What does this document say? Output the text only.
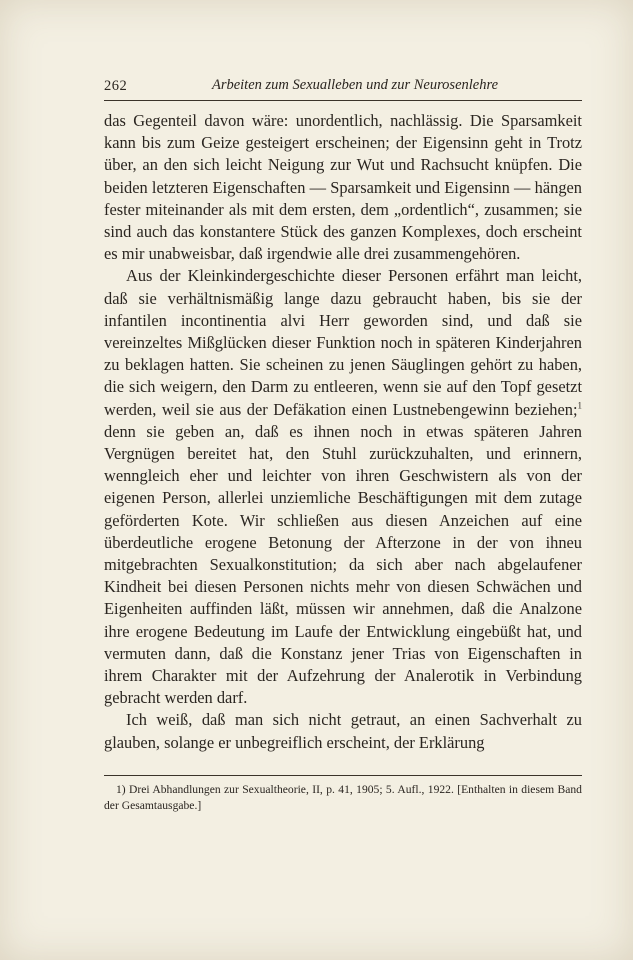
262	Arbeiten zum Sexualleben und zur Neurosenlehre

das Gegenteil davon wäre: unordentlich, nachlässig. Die Sparsamkeit kann bis zum Geize gesteigert erscheinen; der Eigensinn geht in Trotz über, an den sich leicht Neigung zur Wut und Rachsucht knüpfen. Die beiden letzteren Eigenschaften — Sparsamkeit und Eigensinn — hängen fester miteinander als mit dem ersten, dem „ordentlich“, zusammen; sie sind auch das konstantere Stück des ganzen Komplexes, doch erscheint es mir unabweisbar, daß irgendwie alle drei zusammengehören.

Aus der Kleinkindergeschichte dieser Personen erfährt man leicht, daß sie verhältnismäßig lange dazu gebraucht haben, bis sie der infantilen incontinentia alvi Herr geworden sind, und daß sie vereinzeltes Mißglücken dieser Funktion noch in späteren Kinderjahren zu beklagen hatten. Sie scheinen zu jenen Säuglingen gehört zu haben, die sich weigern, den Darm zu entleeren, wenn sie auf den Topf gesetzt werden, weil sie aus der Defäkation einen Lustnebengewinn beziehen;$^1$ denn sie geben an, daß es ihnen noch in etwas späteren Jahren Vergnügen bereitet hat, den Stuhl zurückzuhalten, und erinnern, wenngleich eher und leichter von ihren Geschwistern als von der eigenen Person, allerlei unziemliche Beschäftigungen mit dem zutage geförderten Kote. Wir schließen aus diesen Anzeichen auf eine überdeutliche erogene Betonung der Afterzone in der von ihneu mitgebrachten Sexualkonstitution; da sich aber nach abgelaufener Kindheit bei diesen Personen nichts mehr von diesen Schwächen und Eigenheiten auffinden läßt, müssen wir annehmen, daß die Analzone ihre erogene Bedeutung im Laufe der Entwicklung eingebüßt hat, und vermuten dann, daß die Konstanz jener Trias von Eigenschaften in ihrem Charakter mit der Aufzehrung der Analerotik in Verbindung gebracht werden darf.

Ich weiß, daß man sich nicht getraut, an einen Sachverhalt zu glauben, solange er unbegreiflich erscheint, der Erklärung

1) Drei Abhandlungen zur Sexualtheorie, II, p. 41, 1905; 5. Aufl., 1922. [Enthalten in diesem Band der Gesamtausgabe.]
